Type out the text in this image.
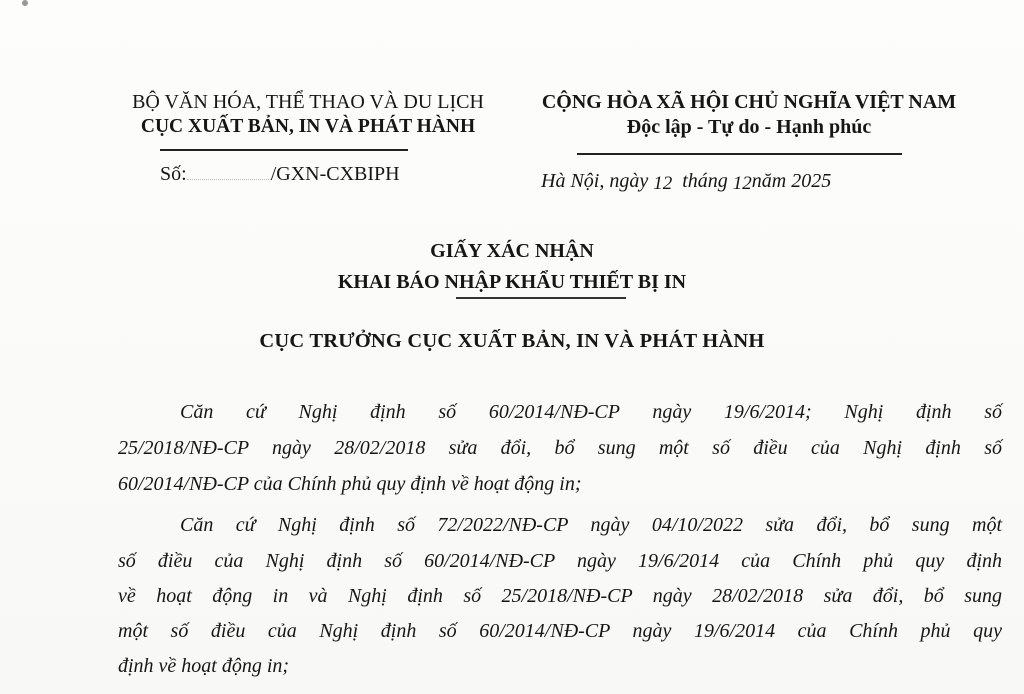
BỘ VĂN HÓA, THỂ THAO VÀ DU LỊCH
CỤC XUẤT BẢN, IN VÀ PHÁT HÀNH
CỘNG HÒA XÃ HỘI CHỦ NGHĨA VIỆT NAM
Độc lập - Tự do - Hạnh phúc
Số:	/GXN-CXBIPH	Hà Nội, ngày 12 tháng 12năm 2025
GIẤY XÁC NHẬN
KHAI BÁO NHẬP KHẨU THIẾT BỊ IN
CỤC TRƯỞNG CỤC XUẤT BẢN, IN VÀ PHÁT HÀNH
Căn cứ Nghị định số 60/2014/NĐ-CP ngày 19/6/2014; Nghị định số
25/2018/NĐ-CP ngày 28/02/2018 sửa đổi, bổ sung một số điều của Nghị định số
60/2014/NĐ-CP của Chính phủ quy định về hoạt động in;
Căn cứ Nghị định số 72/2022/NĐ-CP ngày 04/10/2022 sửa đổi, bổ sung một
số điều của Nghị định số 60/2014/NĐ-CP ngày 19/6/2014 của Chính phủ quy định
về hoạt động in và Nghị định số 25/2018/NĐ-CP ngày 28/02/2018 sửa đổi, bổ sung
một số điều của Nghị định số 60/2014/NĐ-CP ngày 19/6/2014 của Chính phủ quy
định về hoạt động in;
